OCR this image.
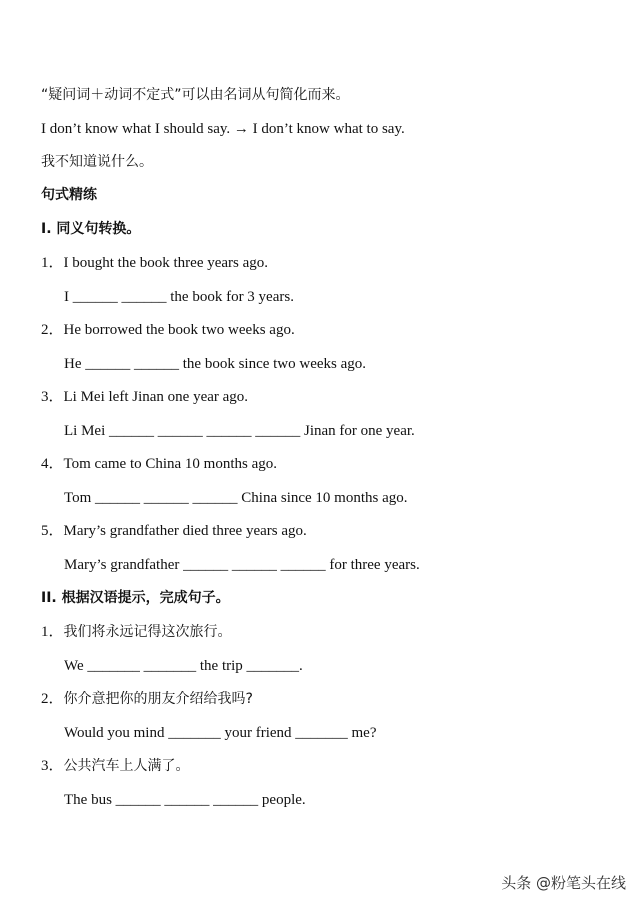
“疑问词＋动词不定式”可以由名词从句简化而来。
I don’t know what I should say. → I don’t know what to say.
我不知道说什么。
句式精练
I. 同义句转换。
1．I bought the book three years ago.
I ______ ______ the book for 3 years.
2．He borrowed the book two weeks ago.
He ______ ______ the book since two weeks ago.
3．Li Mei left Jinan one year ago.
Li Mei ______ ______ ______ ______ Jinan for one year.
4．Tom came to China 10 months ago.
Tom ______ ______ ______ China since 10 months ago.
5．Mary’s grandfather died three years ago.
Mary’s grandfather ______ ______ ______ for three years.
II. 根据汉语提示，完成句子。
1．我们将永远记得这次旅行。
We _______ _______ the trip _______.
2．你介意把你的朋友介绍给我吗?
Would you mind _______ your friend _______ me?
3．公共汽车上人满了。
The bus ______ ______ ______ people.
头条 @粉笔头在线
